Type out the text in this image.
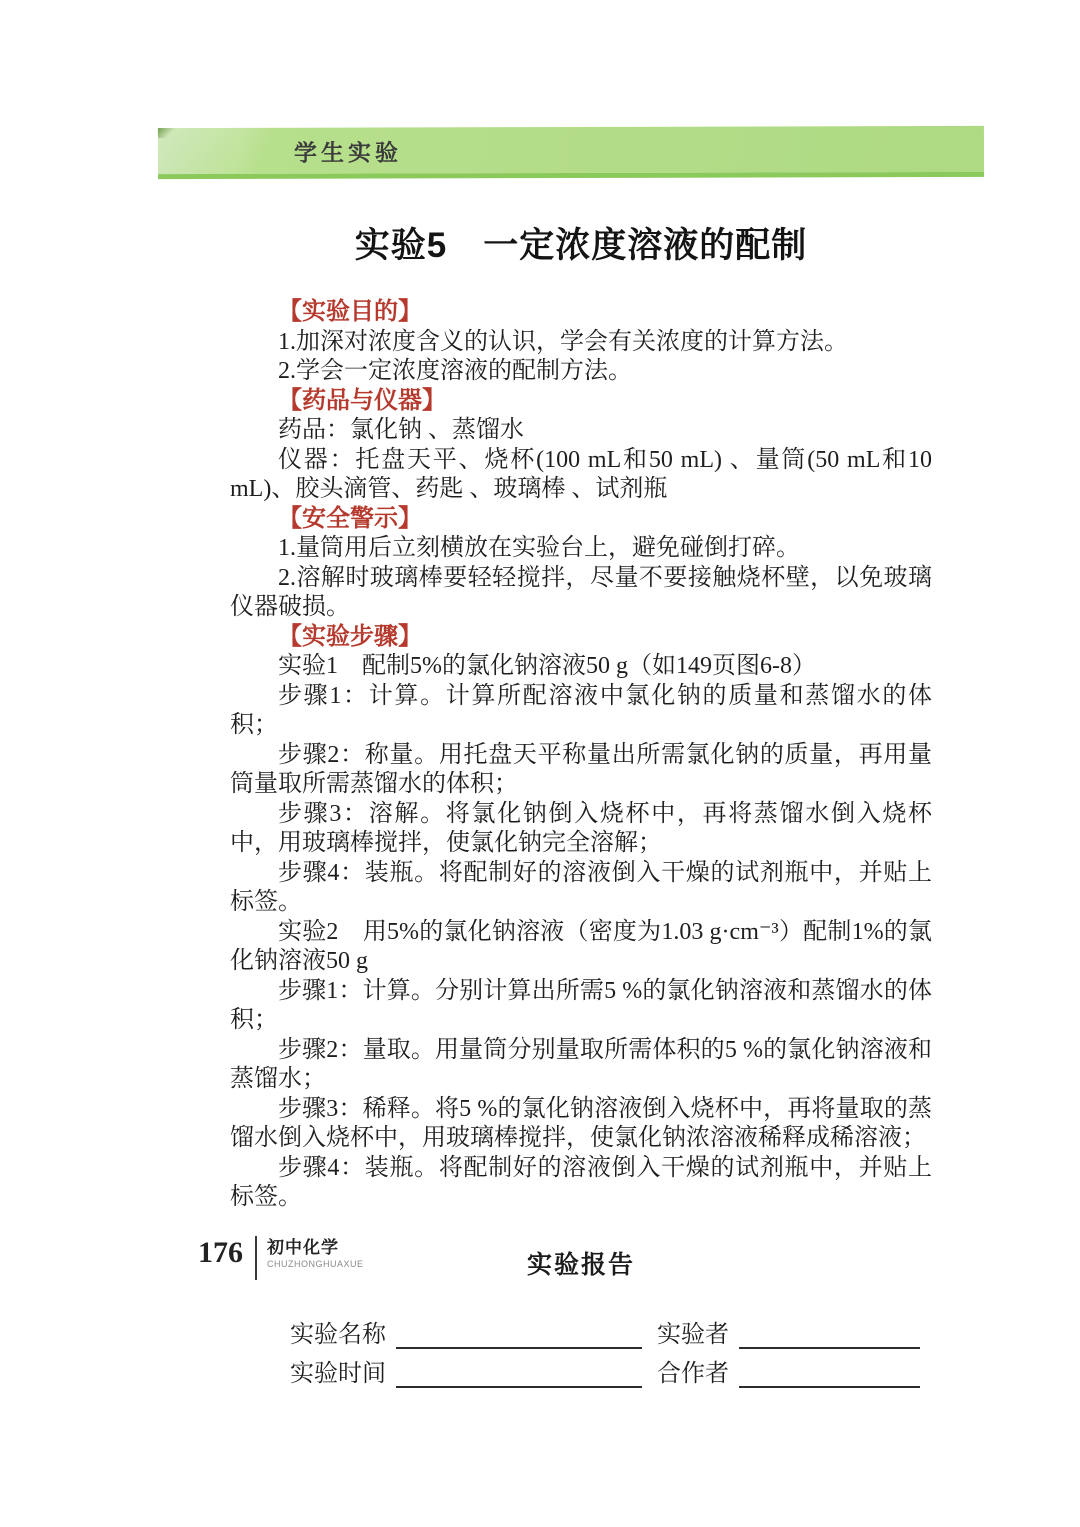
学生实验
实验5　一定浓度溶液的配制

【实验目的】

1.加深对浓度含义的认识，学会有关浓度的计算方法。

2.学会一定浓度溶液的配制方法。

【药品与仪器】

药品：氯化钠 、蒸馏水

仪器：托盘天平、烧杯(100 mL和50 mL) 、量筒(50 mL和10 mL)、胶头滴管、药匙 、玻璃棒 、试剂瓶

【安全警示】

1.量筒用后立刻横放在实验台上，避免碰倒打碎。

2.溶解时玻璃棒要轻轻搅拌，尽量不要接触烧杯壁，以免玻璃仪器破损。

【实验步骤】

实验1　配制5%的氯化钠溶液50 g（如149页图6-8）

步骤1：计算。计算所配溶液中氯化钠的质量和蒸馏水的体积；

步骤2：称量。用托盘天平称量出所需氯化钠的质量，再用量筒量取所需蒸馏水的体积；

步骤3：溶解。将氯化钠倒入烧杯中，再将蒸馏水倒入烧杯中，用玻璃棒搅拌，使氯化钠完全溶解；

步骤4：装瓶。将配制好的溶液倒入干燥的试剂瓶中，并贴上标签。

实验2　用5%的氯化钠溶液（密度为1.03 g·cm⁻³）配制1%的氯化钠溶液50 g

步骤1：计算。分别计算出所需5 %的氯化钠溶液和蒸馏水的体积；

步骤2：量取。用量筒分别量取所需体积的5 %的氯化钠溶液和蒸馏水；

步骤3：稀释。将5 %的氯化钠溶液倒入烧杯中，再将量取的蒸馏水倒入烧杯中，用玻璃棒搅拌，使氯化钠浓溶液稀释成稀溶液；

步骤4：装瓶。将配制好的溶液倒入干燥的试剂瓶中，并贴上标签。

实验报告
实验名称	实验者
实验时间	合作者
176 初中化学
CHUZHONGHUAXUE
